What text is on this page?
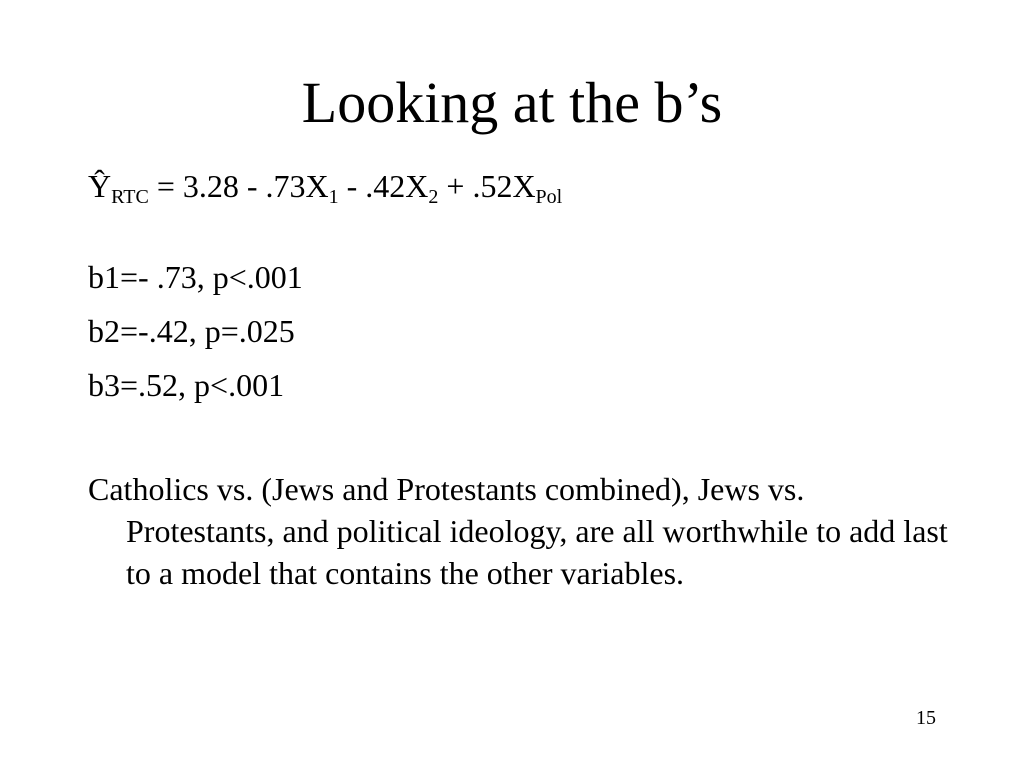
Looking at the b’s
$Ŷ_{RTC} = 3.28 - .73X_1 - .42X_2 + .52X_{Pol}$
b1=- .73, p<.001
b2=-.42, p=.025
b3=.52, p<.001
Catholics vs. (Jews and Protestants combined), Jews vs. Protestants, and political ideology, are all worthwhile to add last to a model that contains the other variables.
15
